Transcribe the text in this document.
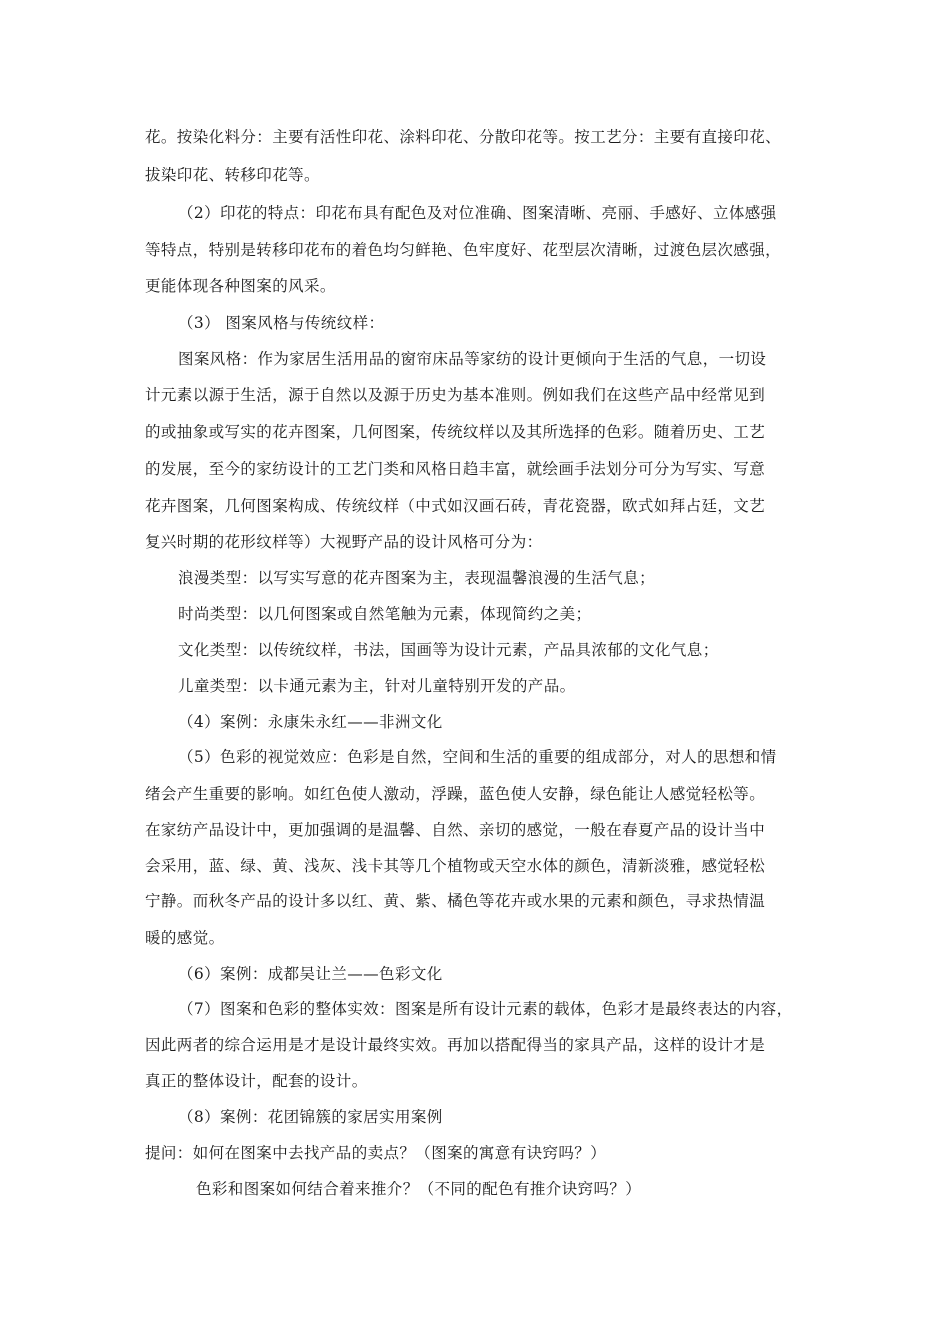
花。按染化料分：主要有活性印花、涂料印花、分散印花等。按工艺分：主要有直接印花、
拔染印花、转移印花等。
（2）印花的特点：印花布具有配色及对位准确、图案清晰、亮丽、手感好、立体感强
等特点，特别是转移印花布的着色均匀鲜艳、色牢度好、花型层次清晰，过渡色层次感强，
更能体现各种图案的风采。
（3） 图案风格与传统纹样：
图案风格：作为家居生活用品的窗帘床品等家纺的设计更倾向于生活的气息，一切设
计元素以源于生活，源于自然以及源于历史为基本准则。例如我们在这些产品中经常见到
的或抽象或写实的花卉图案，几何图案，传统纹样以及其所选择的色彩。随着历史、工艺
的发展，至今的家纺设计的工艺门类和风格日趋丰富，就绘画手法划分可分为写实、写意
花卉图案，几何图案构成、传统纹样（中式如汉画石砖，青花瓷器，欧式如拜占廷，文艺
复兴时期的花形纹样等）大视野产品的设计风格可分为：
浪漫类型：以写实写意的花卉图案为主，表现温馨浪漫的生活气息；
时尚类型：以几何图案或自然笔触为元素，体现简约之美；
文化类型：以传统纹样，书法，国画等为设计元素，产品具浓郁的文化气息；
儿童类型：以卡通元素为主，针对儿童特别开发的产品。
（4）案例：永康朱永红——非洲文化
（5）色彩的视觉效应：色彩是自然，空间和生活的重要的组成部分，对人的思想和情
绪会产生重要的影响。如红色使人激动，浮躁，蓝色使人安静，绿色能让人感觉轻松等。
在家纺产品设计中，更加强调的是温馨、自然、亲切的感觉，一般在春夏产品的设计当中
会采用，蓝、绿、黄、浅灰、浅卡其等几个植物或天空水体的颜色，清新淡雅，感觉轻松
宁静。而秋冬产品的设计多以红、黄、紫、橘色等花卉或水果的元素和颜色，寻求热情温
暖的感觉。
（6）案例：成都吴让兰——色彩文化
（7）图案和色彩的整体实效：图案是所有设计元素的载体，色彩才是最终表达的内容，
因此两者的综合运用是才是设计最终实效。再加以搭配得当的家具产品，这样的设计才是
真正的整体设计，配套的设计。
（8）案例：花团锦簇的家居实用案例
提问：如何在图案中去找产品的卖点？（图案的寓意有诀窍吗？）
色彩和图案如何结合着来推介？（不同的配色有推介诀窍吗？）
